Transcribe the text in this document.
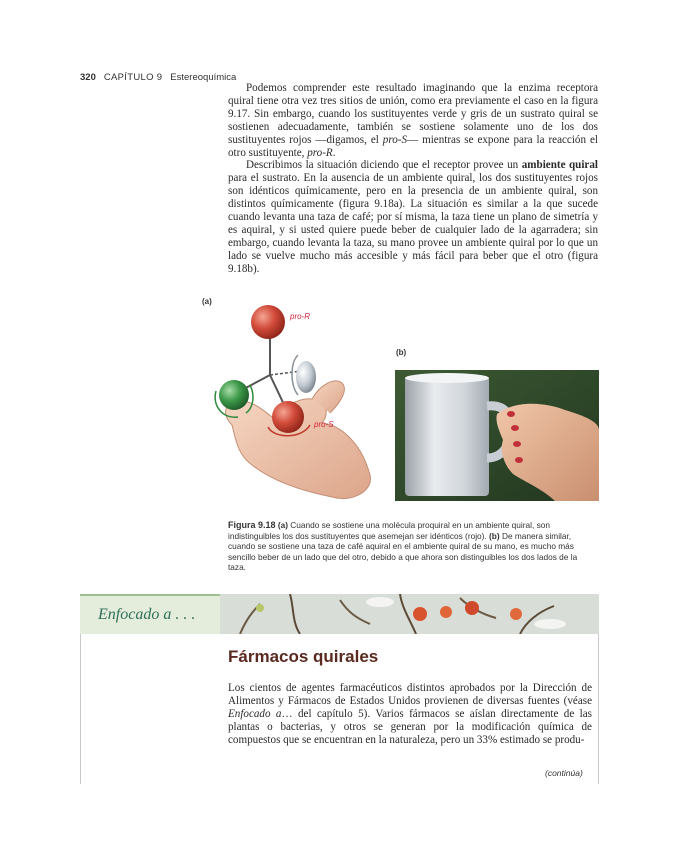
320 CAPÍTULO 9 Estereoquímica

Podemos comprender este resultado imaginando que la enzima receptora quiral tiene otra vez tres sitios de unión, como era previamente el caso en la figura 9.17. Sin embargo, cuando los sustituyentes verde y gris de un sustrato quiral se sostienen adecuadamente, también se sostiene solamente uno de los dos sustituyentes rojos —digamos, el pro-S— mientras se expone para la reacción el otro sustituyente, pro-R.

Describimos la situación diciendo que el receptor provee un ambiente quiral para el sustrato. En la ausencia de un ambiente quiral, los dos sustituyentes rojos son idénticos químicamente, pero en la presencia de un ambiente quiral, son distintos químicamente (figura 9.18a). La situación es similar a la que sucede cuando levanta una taza de café; por sí misma, la taza tiene un plano de simetría y es aquiral, y si usted quiere puede beber de cualquier lado de la agarradera; sin embargo, cuando levanta la taza, su mano provee un ambiente quiral por lo que un lado se vuelve mucho más accesible y más fácil para beber que el otro (figura 9.18b).

(a)
pro-R
pro-S
(b)
Figura 9.18 (a) Cuando se sostiene una molécula proquiral en un ambiente quiral, son indistinguibles los dos sustituyentes que asemejan ser idénticos (rojo). (b) De manera similar, cuando se sostiene una taza de café aquiral en el ambiente quiral de su mano, es mucho más sencillo beber de un lado que del otro, debido a que ahora son distinguibles los dos lados de la taza.
Enfocado a . . .
Fármacos quirales

Los cientos de agentes farmacéuticos distintos aprobados por la Dirección de Alimentos y Fármacos de Estados Unidos provienen de diversas fuentes (véase Enfocado a… del capítulo 5). Varios fármacos se aíslan directamente de las plantas o bacterias, y otros se generan por la modificación química de compuestos que se encuentran en la naturaleza, pero un 33% estimado se produ-

(continúa)
